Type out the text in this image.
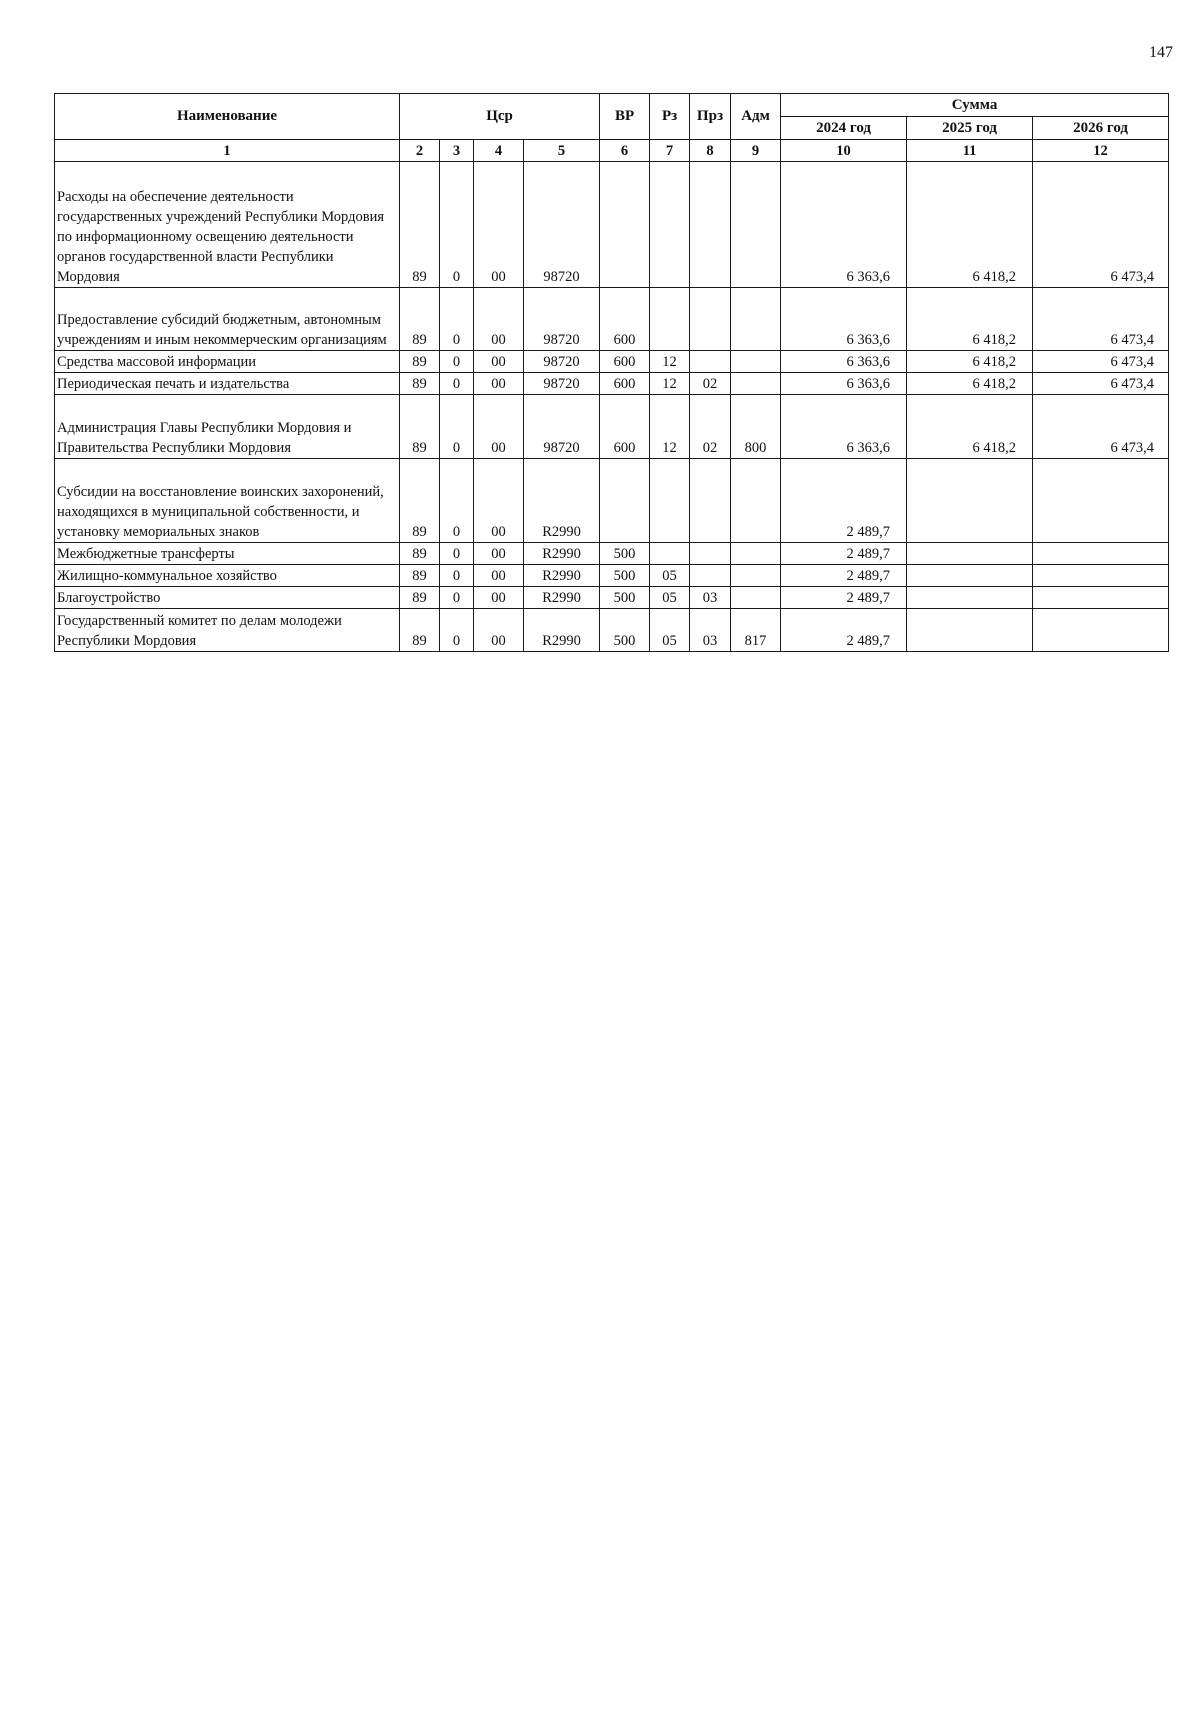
147
Наименование	Цср				ВР	Рз	Прз	Адм	Сумма		
									2024 год	2025 год	2026 год
1	2	3	4	5	6	7	8	9	10	11	12
Расходы на обеспечение деятельности государственных учреждений Республики Мордовия по информационному освещению деятельности органов государственной власти Республики Мордовия	89	0	00	98720					6 363,6	6 418,2	6 473,4
Предоставление субсидий бюджетным, автономным учреждениям и иным некоммерческим организациям	89	0	00	98720	600				6 363,6	6 418,2	6 473,4
Средства массовой информации	89	0	00	98720	600	12			6 363,6	6 418,2	6 473,4
Периодическая печать и издательства	89	0	00	98720	600	12	02		6 363,6	6 418,2	6 473,4
Администрация Главы Республики Мордовия и Правительства Республики Мордовия	89	0	00	98720	600	12	02	800	6 363,6	6 418,2	6 473,4
Субсидии на восстановление воинских захоронений, находящихся в муниципальной собственности, и установку мемориальных знаков	89	0	00	R2990					2 489,7		
Межбюджетные трансферты	89	0	00	R2990	500				2 489,7		
Жилищно-коммунальное хозяйство	89	0	00	R2990	500	05			2 489,7		
Благоустройство	89	0	00	R2990	500	05	03		2 489,7		
Государственный комитет по делам молодежи Республики Мордовия	89	0	00	R2990	500	05	03	817	2 489,7		
